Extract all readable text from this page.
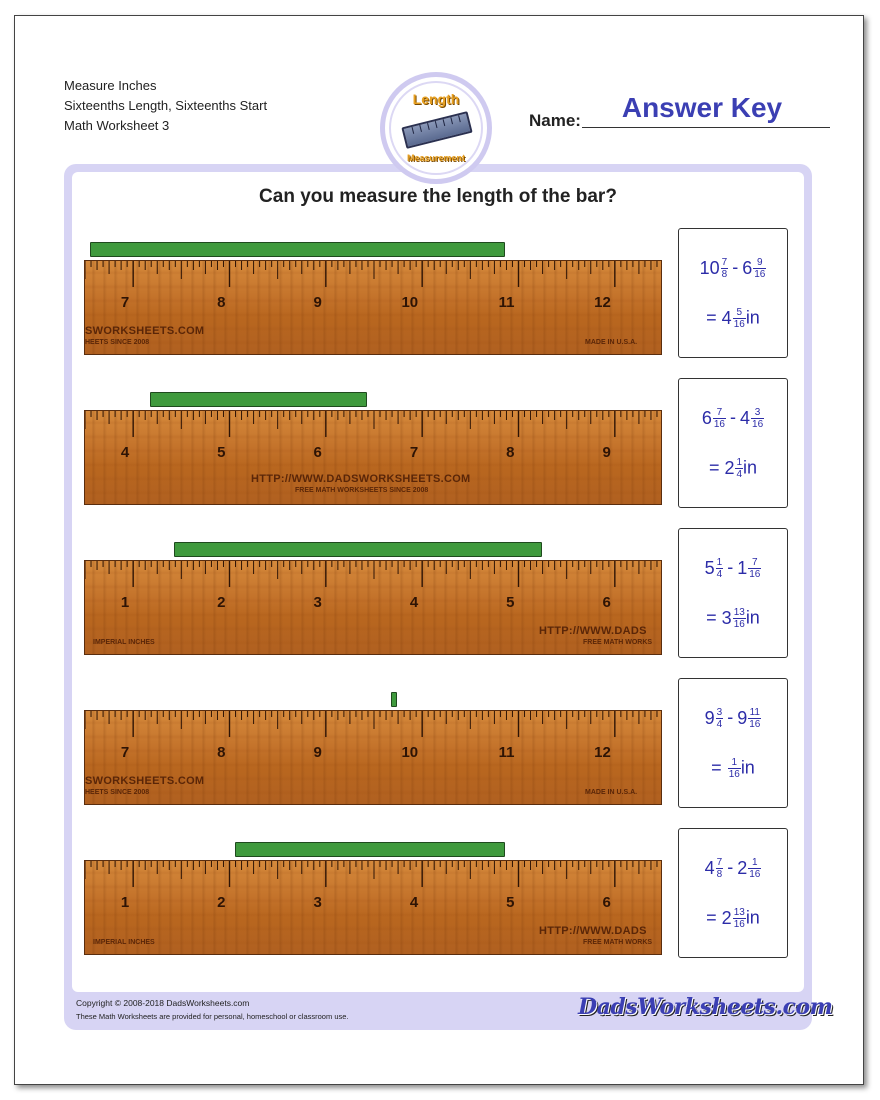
Measure Inches
Sixteenths Length, Sixteenths Start
Math Worksheet 3
Length
Measurement
Name:	Answer Key
Can you measure the length of the bar?
7	8	9	10	11	12
SWORKSHEETS.COM
HEETS SINCE 2008	MADE IN U.S.A.
$10 \frac{7}{8} - 6 \frac{9}{16}$
= $4 \frac{5}{16}$ in
4	5	6	7	8	9
HTTP://WWW.DADSWORKSHEETS.COM
FREE MATH WORKSHEETS SINCE 2008
$6 \frac{7}{16} - 4 \frac{3}{16}$
= $2 \frac{1}{4}$ in
1	2	3	4	5	6
IMPERIAL INCHES
HTTP://WWW.DADS
FREE MATH WORKS
$5 \frac{1}{4} - 1 \frac{7}{16}$
= $3 \frac{13}{16}$ in
7	8	9	10	11	12
SWORKSHEETS.COM
HEETS SINCE 2008	MADE IN U.S.A.
$9 \frac{3}{4} - 9 \frac{11}{16}$
= $\frac{1}{16}$ in
1	2	3	4	5	6
IMPERIAL INCHES
HTTP://WWW.DADS
FREE MATH WORKS
$4 \frac{7}{8} - 2 \frac{1}{16}$
= $2 \frac{13}{16}$ in
Copyright © 2008-2018 DadsWorksheets.com
These Math Worksheets are provided for personal, homeschool or classroom use.	DadsWorksheets.com
